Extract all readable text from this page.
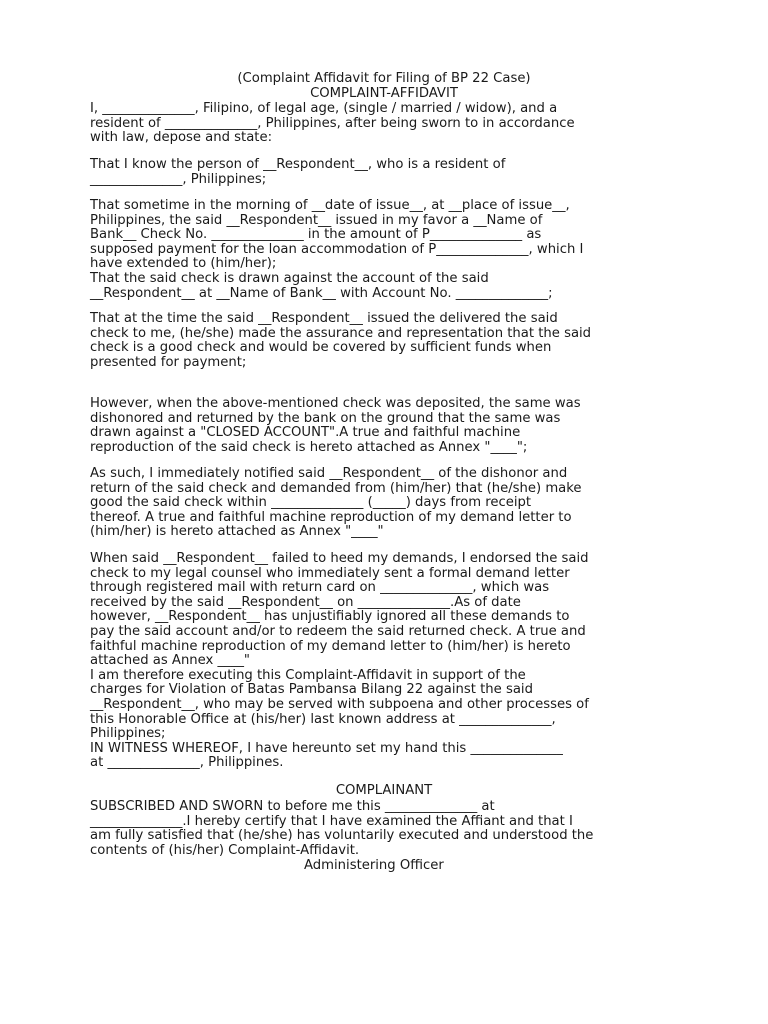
(Complaint Affidavit for Filing of BP 22 Case)
COMPLAINT-AFFIDAVIT
I, ______________, Filipino, of legal age, (single / married / widow), and a
resident of ______________, Philippines, after being sworn to in accordance
with law, depose and state:
That I know the person of __Respondent__, who is a resident of
______________, Philippines;
That sometime in the morning of __date of issue__, at __place of issue__,
Philippines, the said __Respondent__ issued in my favor a __Name of
Bank__ Check No. ______________ in the amount of P______________ as
supposed payment for the loan accommodation of P______________, which I
have extended to (him/her);
That the said check is drawn against the account of the said
__Respondent__ at __Name of Bank__ with Account No. ______________;
That at the time the said __Respondent__ issued the delivered the said
check to me, (he/she) made the assurance and representation that the said
check is a good check and would be covered by sufficient funds when
presented for payment;
However, when the above-mentioned check was deposited, the same was
dishonored and returned by the bank on the ground that the same was
drawn against a "CLOSED ACCOUNT".A true and faithful machine
reproduction of the said check is hereto attached as Annex "____";
As such, I immediately notified said __Respondent__ of the dishonor and
return of the said check and demanded from (him/her) that (he/she) make
good the said check within ______________ (_____) days from receipt
thereof. A true and faithful machine reproduction of my demand letter to
(him/her) is hereto attached as Annex "____"
When said __Respondent__ failed to heed my demands, I endorsed the said
check to my legal counsel who immediately sent a formal demand letter
through registered mail with return card on ______________, which was
received by the said __Respondent__ on ______________.As of date
however, __Respondent__ has unjustifiably ignored all these demands to
pay the said account and/or to redeem the said returned check. A true and
faithful machine reproduction of my demand letter to (him/her) is hereto
attached as Annex ____"
I am therefore executing this Complaint-Affidavit in support of the
charges for Violation of Batas Pambansa Bilang 22 against the said
__Respondent__, who may be served with subpoena and other processes of
this Honorable Office at (his/her) last known address at ______________,
Philippines;
IN WITNESS WHEREOF, I have hereunto set my hand this ______________
at ______________, Philippines.
COMPLAINANT
SUBSCRIBED AND SWORN to before me this ______________ at
______________.I hereby certify that I have examined the Affiant and that I
am fully satisfied that (he/she) has voluntarily executed and understood the
contents of (his/her) Complaint-Affidavit.
Administering Officer
